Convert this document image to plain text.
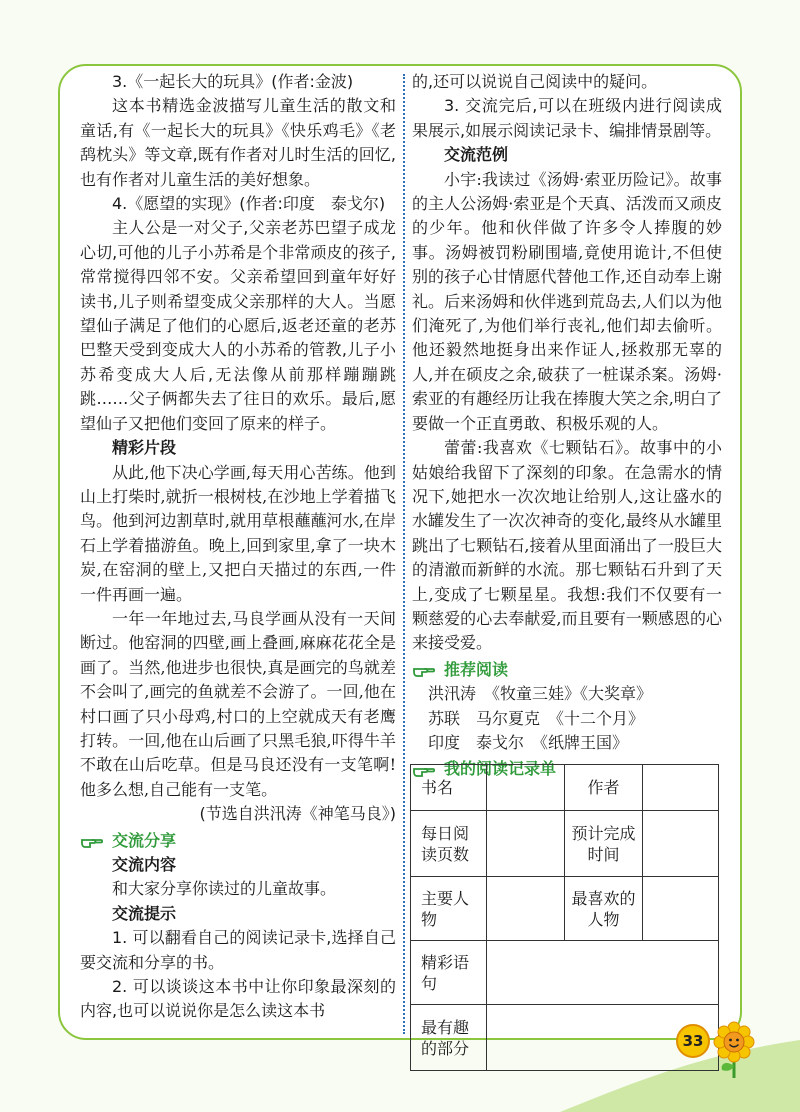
3.《一起长大的玩具》(作者:金波)

这本书精选金波描写儿童生活的散文和童话,有《一起长大的玩具》《快乐鸡毛》《老鸹枕头》等文章,既有作者对儿时生活的回忆,也有作者对儿童生活的美好想象。

4.《愿望的实现》(作者:印度　泰戈尔)

主人公是一对父子,父亲老苏巴望子成龙心切,可他的儿子小苏希是个非常顽皮的孩子,常常搅得四邻不安。父亲希望回到童年好好读书,儿子则希望变成父亲那样的大人。当愿望仙子满足了他们的心愿后,返老还童的老苏巴整天受到变成大人的小苏希的管教,儿子小苏希变成大人后,无法像从前那样蹦蹦跳跳……父子俩都失去了往日的欢乐。最后,愿望仙子又把他们变回了原来的样子。

精彩片段

从此,他下决心学画,每天用心苦练。他到山上打柴时,就折一根树枝,在沙地上学着描飞鸟。他到河边割草时,就用草根蘸蘸河水,在岸石上学着描游鱼。晚上,回到家里,拿了一块木炭,在窑洞的壁上,又把白天描过的东西,一件一件再画一遍。

一年一年地过去,马良学画从没有一天间断过。他窑洞的四壁,画上叠画,麻麻花花全是画了。当然,他进步也很快,真是画完的鸟就差不会叫了,画完的鱼就差不会游了。一回,他在村口画了只小母鸡,村口的上空就成天有老鹰打转。一回,他在山后画了只黑毛狼,吓得牛羊不敢在山后吃草。但是马良还没有一支笔啊!他多么想,自己能有一支笔。

(节选自洪汛涛《神笔马良》)

交流分享

交流内容

和大家分享你读过的儿童故事。

交流提示

1. 可以翻看自己的阅读记录卡,选择自己要交流和分享的书。

2. 可以谈谈这本书中让你印象最深刻的内容,也可以说说你是怎么读这本书

的,还可以说说自己阅读中的疑问。

3. 交流完后,可以在班级内进行阅读成果展示,如展示阅读记录卡、编排情景剧等。

交流范例

小宇:我读过《汤姆·索亚历险记》。故事的主人公汤姆·索亚是个天真、活泼而又顽皮的少年。他和伙伴做了许多令人捧腹的妙事。汤姆被罚粉刷围墙,竟使用诡计,不但使别的孩子心甘情愿代替他工作,还自动奉上谢礼。后来汤姆和伙伴逃到荒岛去,人们以为他们淹死了,为他们举行丧礼,他们却去偷听。他还毅然地挺身出来作证人,拯救那无辜的人,并在硕皮之余,破获了一桩谋杀案。汤姆·索亚的有趣经历让我在捧腹大笑之余,明白了要做一个正直勇敢、积极乐观的人。

蕾蕾:我喜欢《七颗钻石》。故事中的小姑娘给我留下了深刻的印象。在急需水的情况下,她把水一次次地让给别人,这让盛水的水罐发生了一次次神奇的变化,最终从水罐里跳出了七颗钻石,接着从里面涌出了一股巨大的清澈而新鲜的水流。那七颗钻石升到了天上,变成了七颗星星。我想:我们不仅要有一颗慈爱的心去奉献爱,而且要有一颗感恩的心来接受爱。

推荐阅读

洪汛涛　《牧童三娃》《大奖章》

苏联　马尔夏克　《十二个月》

印度　泰戈尔　《纸牌王国》

我的阅读记录单
书名		作者	
每日阅读页数		预计完成时间	
主要人物		最喜欢的人物	
精彩语句			
最有趣的部分				33
